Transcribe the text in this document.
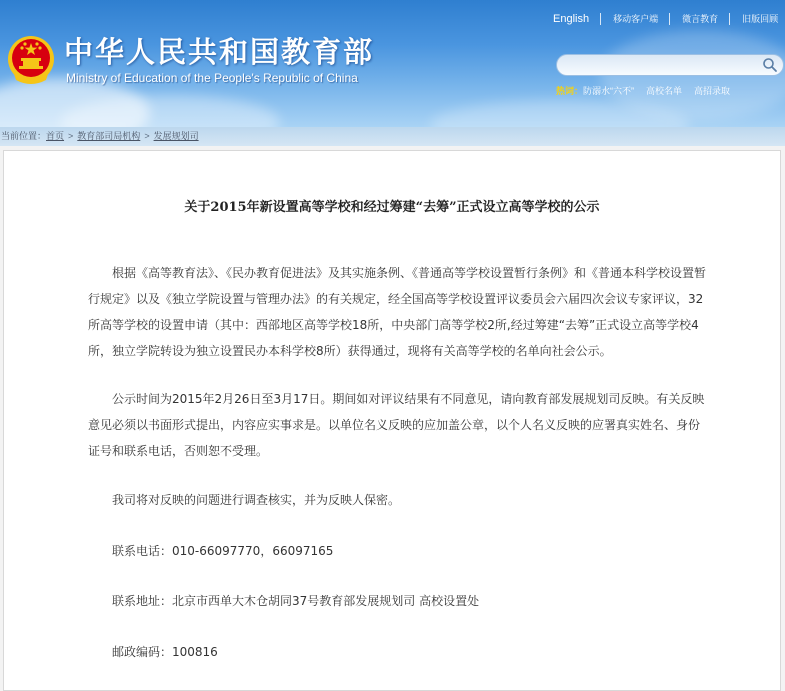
中华人民共和国教育部
Ministry of Education of the People's Republic of China
English	移动客户端	微言教育	旧版回顾
热词： 防溺水“六不” 高校名单 高招录取
当前位置： 首页 > 教育部司局机构 > 发展规划司
关于2015年新设置高等学校和经过筹建“去筹”正式设立高等学校的公示
根据《高等教育法》、《民办教育促进法》及其实施条例、《普通高等学校设置暂行条例》和《普通本科学校设置暂行规定》以及《独立学院设置与管理办法》的有关规定，经全国高等学校设置评议委员会六届四次会议专家评议，32所高等学校的设置申请（其中：西部地区高等学校18所，中央部门高等学校2所,经过筹建“去筹”正式设立高等学校4所，独立学院转设为独立设置民办本科学校8所）获得通过，现将有关高等学校的名单向社会公示。
公示时间为2015年2月26日至3月17日。期间如对评议结果有不同意见，请向教育部发展规划司反映。有关反映意见必须以书面形式提出，内容应实事求是。以单位名义反映的应加盖公章，以个人名义反映的应署真实姓名、身份证号和联系电话，否则恕不受理。
我司将对反映的问题进行调查核实，并为反映人保密。
联系电话：010-66097770，66097165
联系地址：北京市西单大木仓胡同37号教育部发展规划司 高校设置处
邮政编码：100816
